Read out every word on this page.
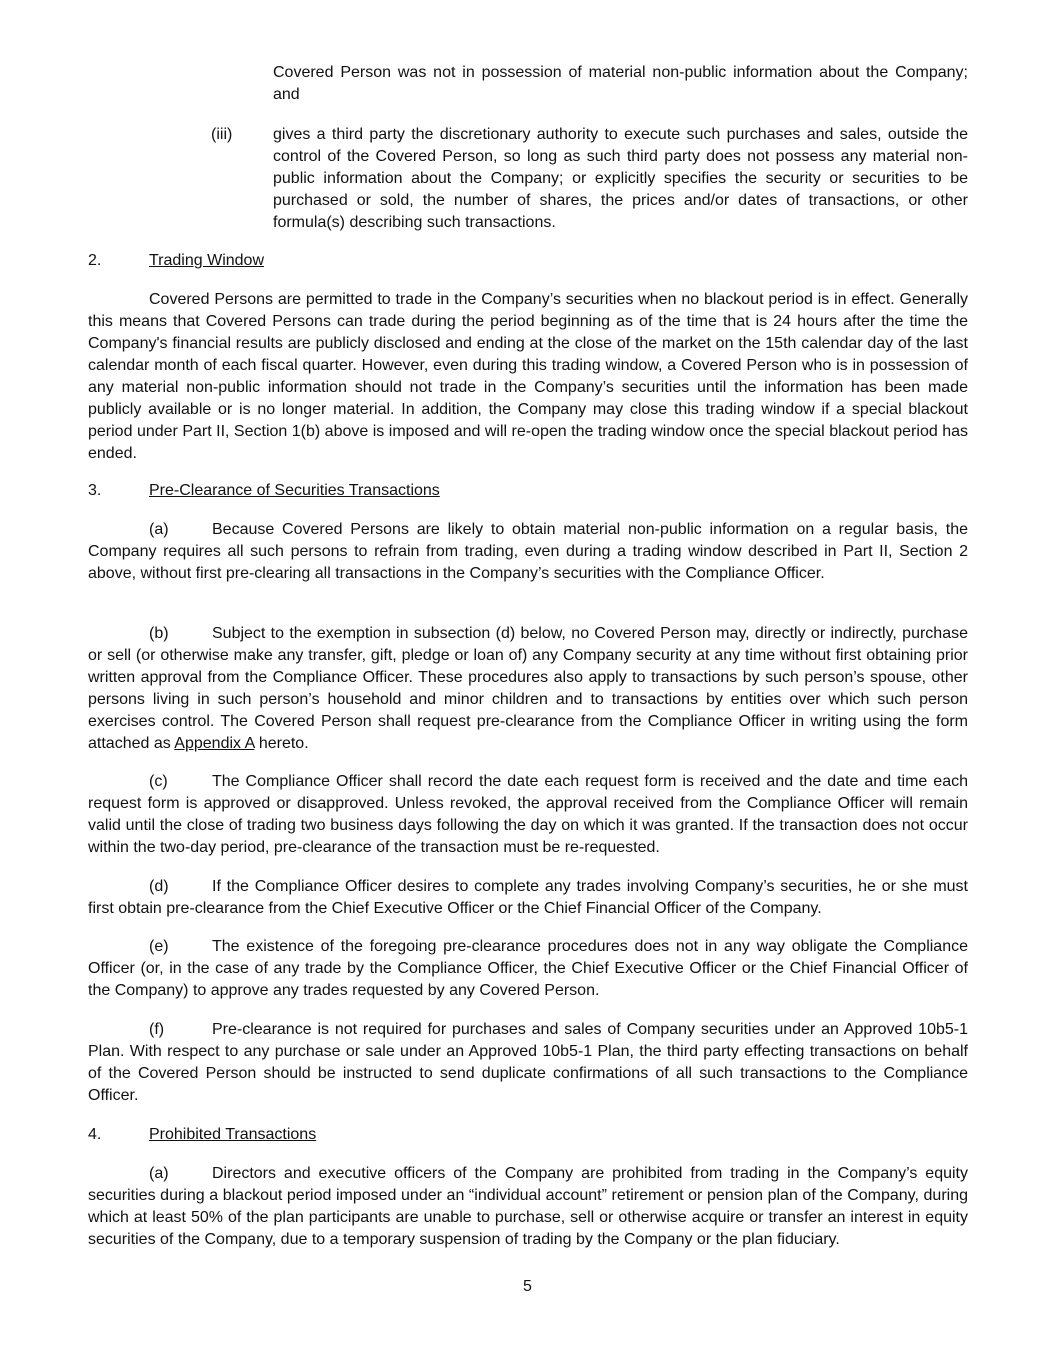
Covered Person was not in possession of material non-public information about the Company; and

(iii)	gives a third party the discretionary authority to execute such purchases and sales, outside the control of the Covered Person, so long as such third party does not possess any material non-public information about the Company; or explicitly specifies the security or securities to be purchased or sold, the number of shares, the prices and/or dates of transactions, or other formula(s) describing such transactions.

2.	Trading Window

Covered Persons are permitted to trade in the Company’s securities when no blackout period is in effect. Generally this means that Covered Persons can trade during the period beginning as of the time that is 24 hours after the time the Company's financial results are publicly disclosed and ending at the close of the market on the 15th calendar day of the last calendar month of each fiscal quarter. However, even during this trading window, a Covered Person who is in possession of any material non-public information should not trade in the Company’s securities until the information has been made publicly available or is no longer material. In addition, the Company may close this trading window if a special blackout period under Part II, Section 1(b) above is imposed and will re-open the trading window once the special blackout period has ended.

3.	Pre-Clearance of Securities Transactions

(a)	Because Covered Persons are likely to obtain material non-public information on a regular basis, the Company requires all such persons to refrain from trading, even during a trading window described in Part II, Section 2 above, without first pre-clearing all transactions in the Company’s securities with the Compliance Officer.

(b)	Subject to the exemption in subsection (d) below, no Covered Person may, directly or indirectly, purchase or sell (or otherwise make any transfer, gift, pledge or loan of) any Company security at any time without first obtaining prior written approval from the Compliance Officer. These procedures also apply to transactions by such person’s spouse, other persons living in such person’s household and minor children and to transactions by entities over which such person exercises control. The Covered Person shall request pre-clearance from the Compliance Officer in writing using the form attached as Appendix A hereto.

(c)	The Compliance Officer shall record the date each request form is received and the date and time each request form is approved or disapproved. Unless revoked, the approval received from the Compliance Officer will remain valid until the close of trading two business days following the day on which it was granted. If the transaction does not occur within the two-day period, pre-clearance of the transaction must be re-requested.

(d)	If the Compliance Officer desires to complete any trades involving Company’s securities, he or she must first obtain pre-clearance from the Chief Executive Officer or the Chief Financial Officer of the Company.

(e)	The existence of the foregoing pre-clearance procedures does not in any way obligate the Compliance Officer (or, in the case of any trade by the Compliance Officer, the Chief Executive Officer or the Chief Financial Officer of the Company) to approve any trades requested by any Covered Person.

(f)	Pre-clearance is not required for purchases and sales of Company securities under an Approved 10b5-1 Plan. With respect to any purchase or sale under an Approved 10b5-1 Plan, the third party effecting transactions on behalf of the Covered Person should be instructed to send duplicate confirmations of all such transactions to the Compliance Officer.

4.	Prohibited Transactions

(a)	Directors and executive officers of the Company are prohibited from trading in the Company’s equity securities during a blackout period imposed under an “individual account” retirement or pension plan of the Company, during which at least 50% of the plan participants are unable to purchase, sell or otherwise acquire or transfer an interest in equity securities of the Company, due to a temporary suspension of trading by the Company or the plan fiduciary.

5
